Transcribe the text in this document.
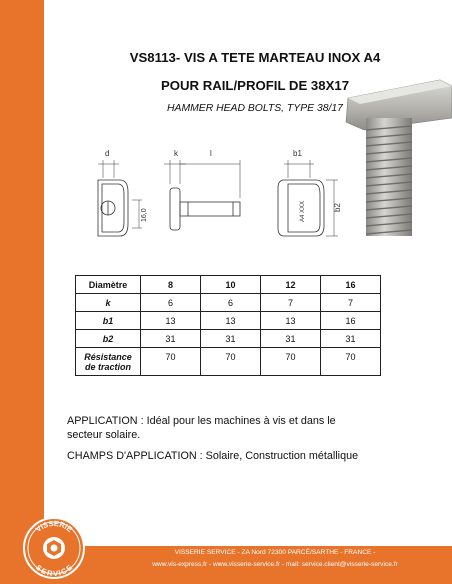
VS8113- VIS A TETE MARTEAU INOX A4
POUR RAIL/PROFIL DE 38X17
HAMMER HEAD BOLTS, TYPE 38/17
d	k	l	b1
b2
16,0	A4 XXX
Diamètre	8	10	12	16
k	6	6	7	7
b1	13	13	13	16
b2	31	31	31	31
Résistance
de traction	70	70	70	70
APPLICATION : Idéal pour les machines à vis et dans le
secteur solaire.
CHAMPS D'APPLICATION : Solaire, Construction métallique
VISSERIE
SERVICE
VISSERIE SERVICE - ZA Nord 72300 PARCÉ/SARTHE - FRANCE -
www.vis-express.fr - www.visserie-service.fr - mail: service.client@visserie-service.fr
